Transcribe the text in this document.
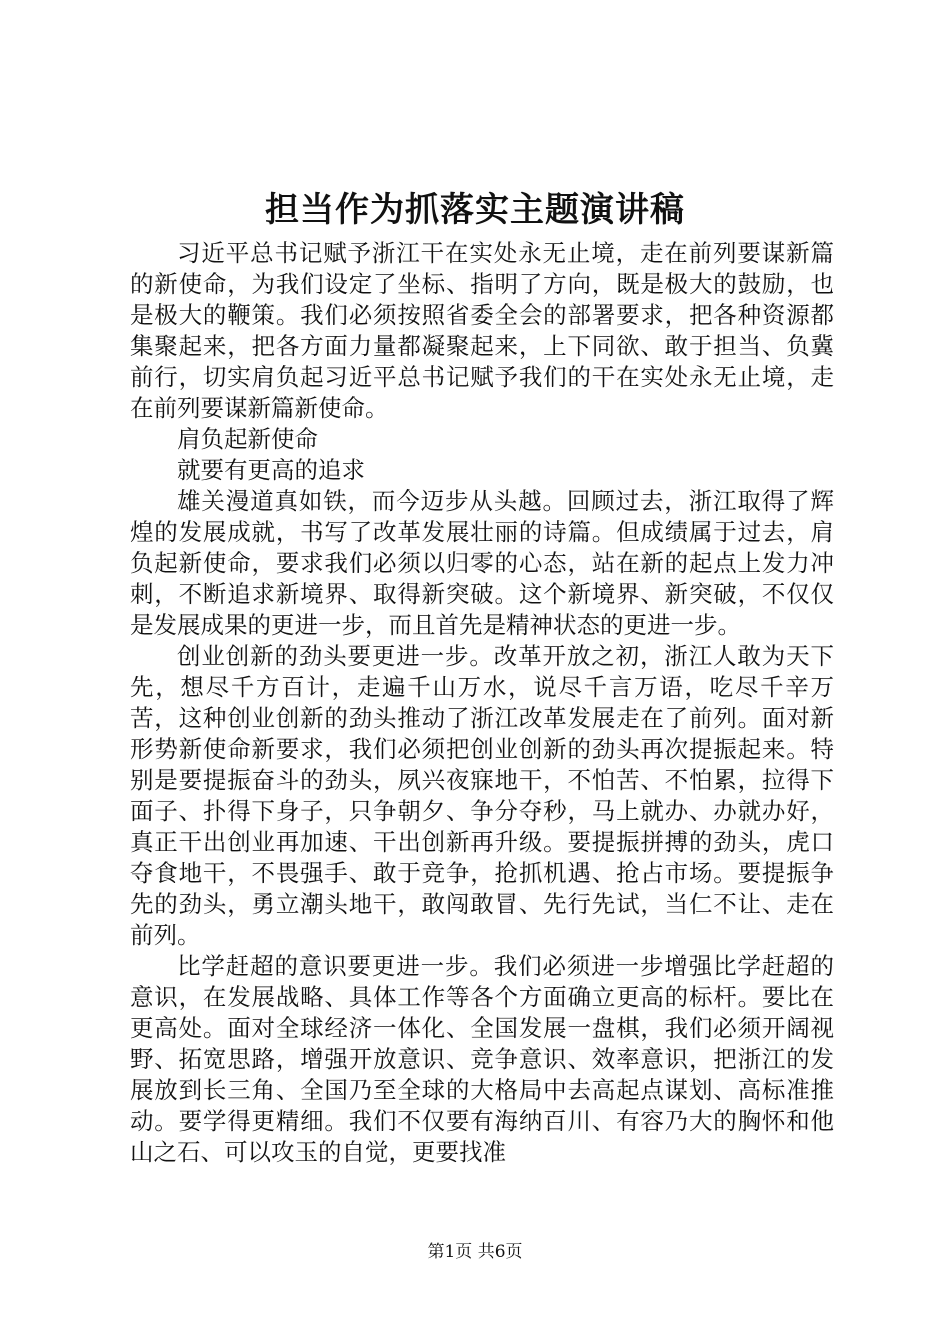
担当作为抓落实主题演讲稿

习近平总书记赋予浙江干在实处永无止境，走在前列要谋新篇的新使命，为我们设定了坐标、指明了方向，既是极大的鼓励，也是极大的鞭策。我们必须按照省委全会的部署要求，把各种资源都集聚起来，把各方面力量都凝聚起来，上下同欲、敢于担当、负冀前行，切实肩负起习近平总书记赋予我们的干在实处永无止境，走在前列要谋新篇新使命。

肩负起新使命

就要有更高的追求

雄关漫道真如铁，而今迈步从头越。回顾过去，浙江取得了辉煌的发展成就，书写了改革发展壮丽的诗篇。但成绩属于过去，肩负起新使命，要求我们必须以归零的心态，站在新的起点上发力冲刺，不断追求新境界、取得新突破。这个新境界、新突破，不仅仅是发展成果的更进一步，而且首先是精神状态的更进一步。

创业创新的劲头要更进一步。改革开放之初，浙江人敢为天下先，想尽千方百计，走遍千山万水，说尽千言万语，吃尽千辛万苦，这种创业创新的劲头推动了浙江改革发展走在了前列。面对新形势新使命新要求，我们必须把创业创新的劲头再次提振起来。特别是要提振奋斗的劲头，夙兴夜寐地干，不怕苦、不怕累，拉得下面子、扑得下身子，只争朝夕、争分夺秒，马上就办、办就办好，真正干出创业再加速、干出创新再升级。要提振拼搏的劲头，虎口夺食地干，不畏强手、敢于竞争，抢抓机遇、抢占市场。要提振争先的劲头，勇立潮头地干，敢闯敢冒、先行先试，当仁不让、走在前列。

比学赶超的意识要更进一步。我们必须进一步增强比学赶超的意识，在发展战略、具体工作等各个方面确立更高的标杆。要比在更高处。面对全球经济一体化、全国发展一盘棋，我们必须开阔视野、拓宽思路，增强开放意识、竞争意识、效率意识，把浙江的发展放到长三角、全国乃至全球的大格局中去高起点谋划、高标准推动。要学得更精细。我们不仅要有海纳百川、有容乃大的胸怀和他山之石、可以攻玉的自觉，更要找准

第1页 共6页
